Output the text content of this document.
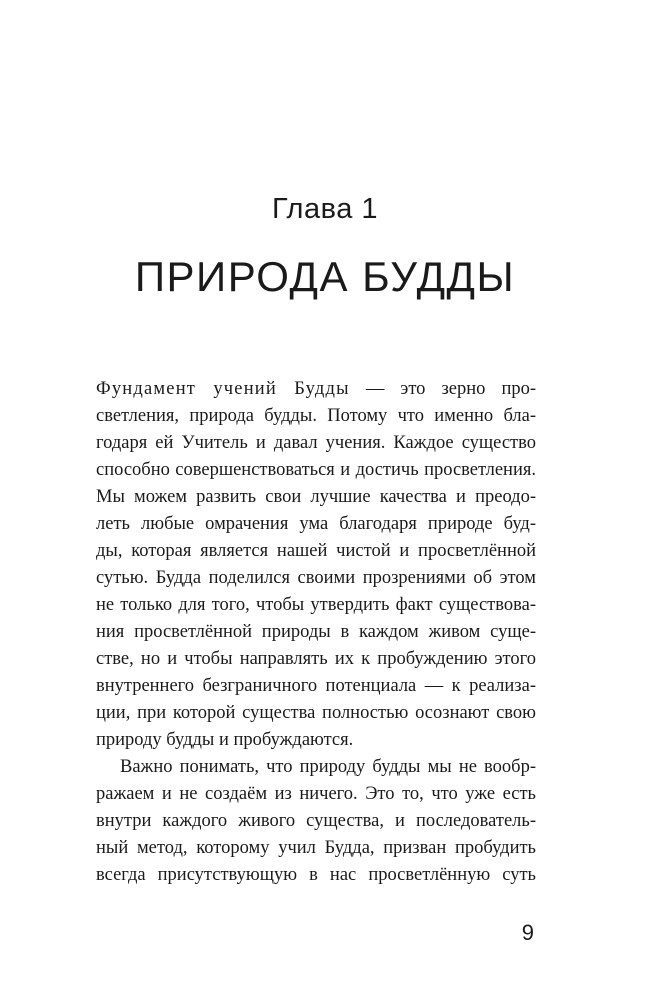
Глава 1
ПРИРОДА БУДДЫ
Фундамент учений Будды — это зерно про-
светления, природа будды. Потому что именно бла-
годаря ей Учитель и давал учения. Каждое существо
способно совершенствоваться и достичь просветления.
Мы можем развить свои лучшие качества и преодо-
леть любые омрачения ума благодаря природе буд-
ды, которая является нашей чистой и просветлённой
сутью. Будда поделился своими прозрениями об этом
не только для того, чтобы утвердить факт существова-
ния просветлённой природы в каждом живом суще-
стве, но и чтобы направлять их к пробуждению этого
внутреннего безграничного потенциала — к реализа-
ции, при которой существа полностью осознают свою
природу будды и пробуждаются.
Важно понимать, что природу будды мы не вообр-
ражаем и не создаём из ничего. Это то, что уже есть
внутри каждого живого существа, и последователь-
ный метод, которому учил Будда, призван пробудить
всегда присутствующую в нас просветлённую суть
9
